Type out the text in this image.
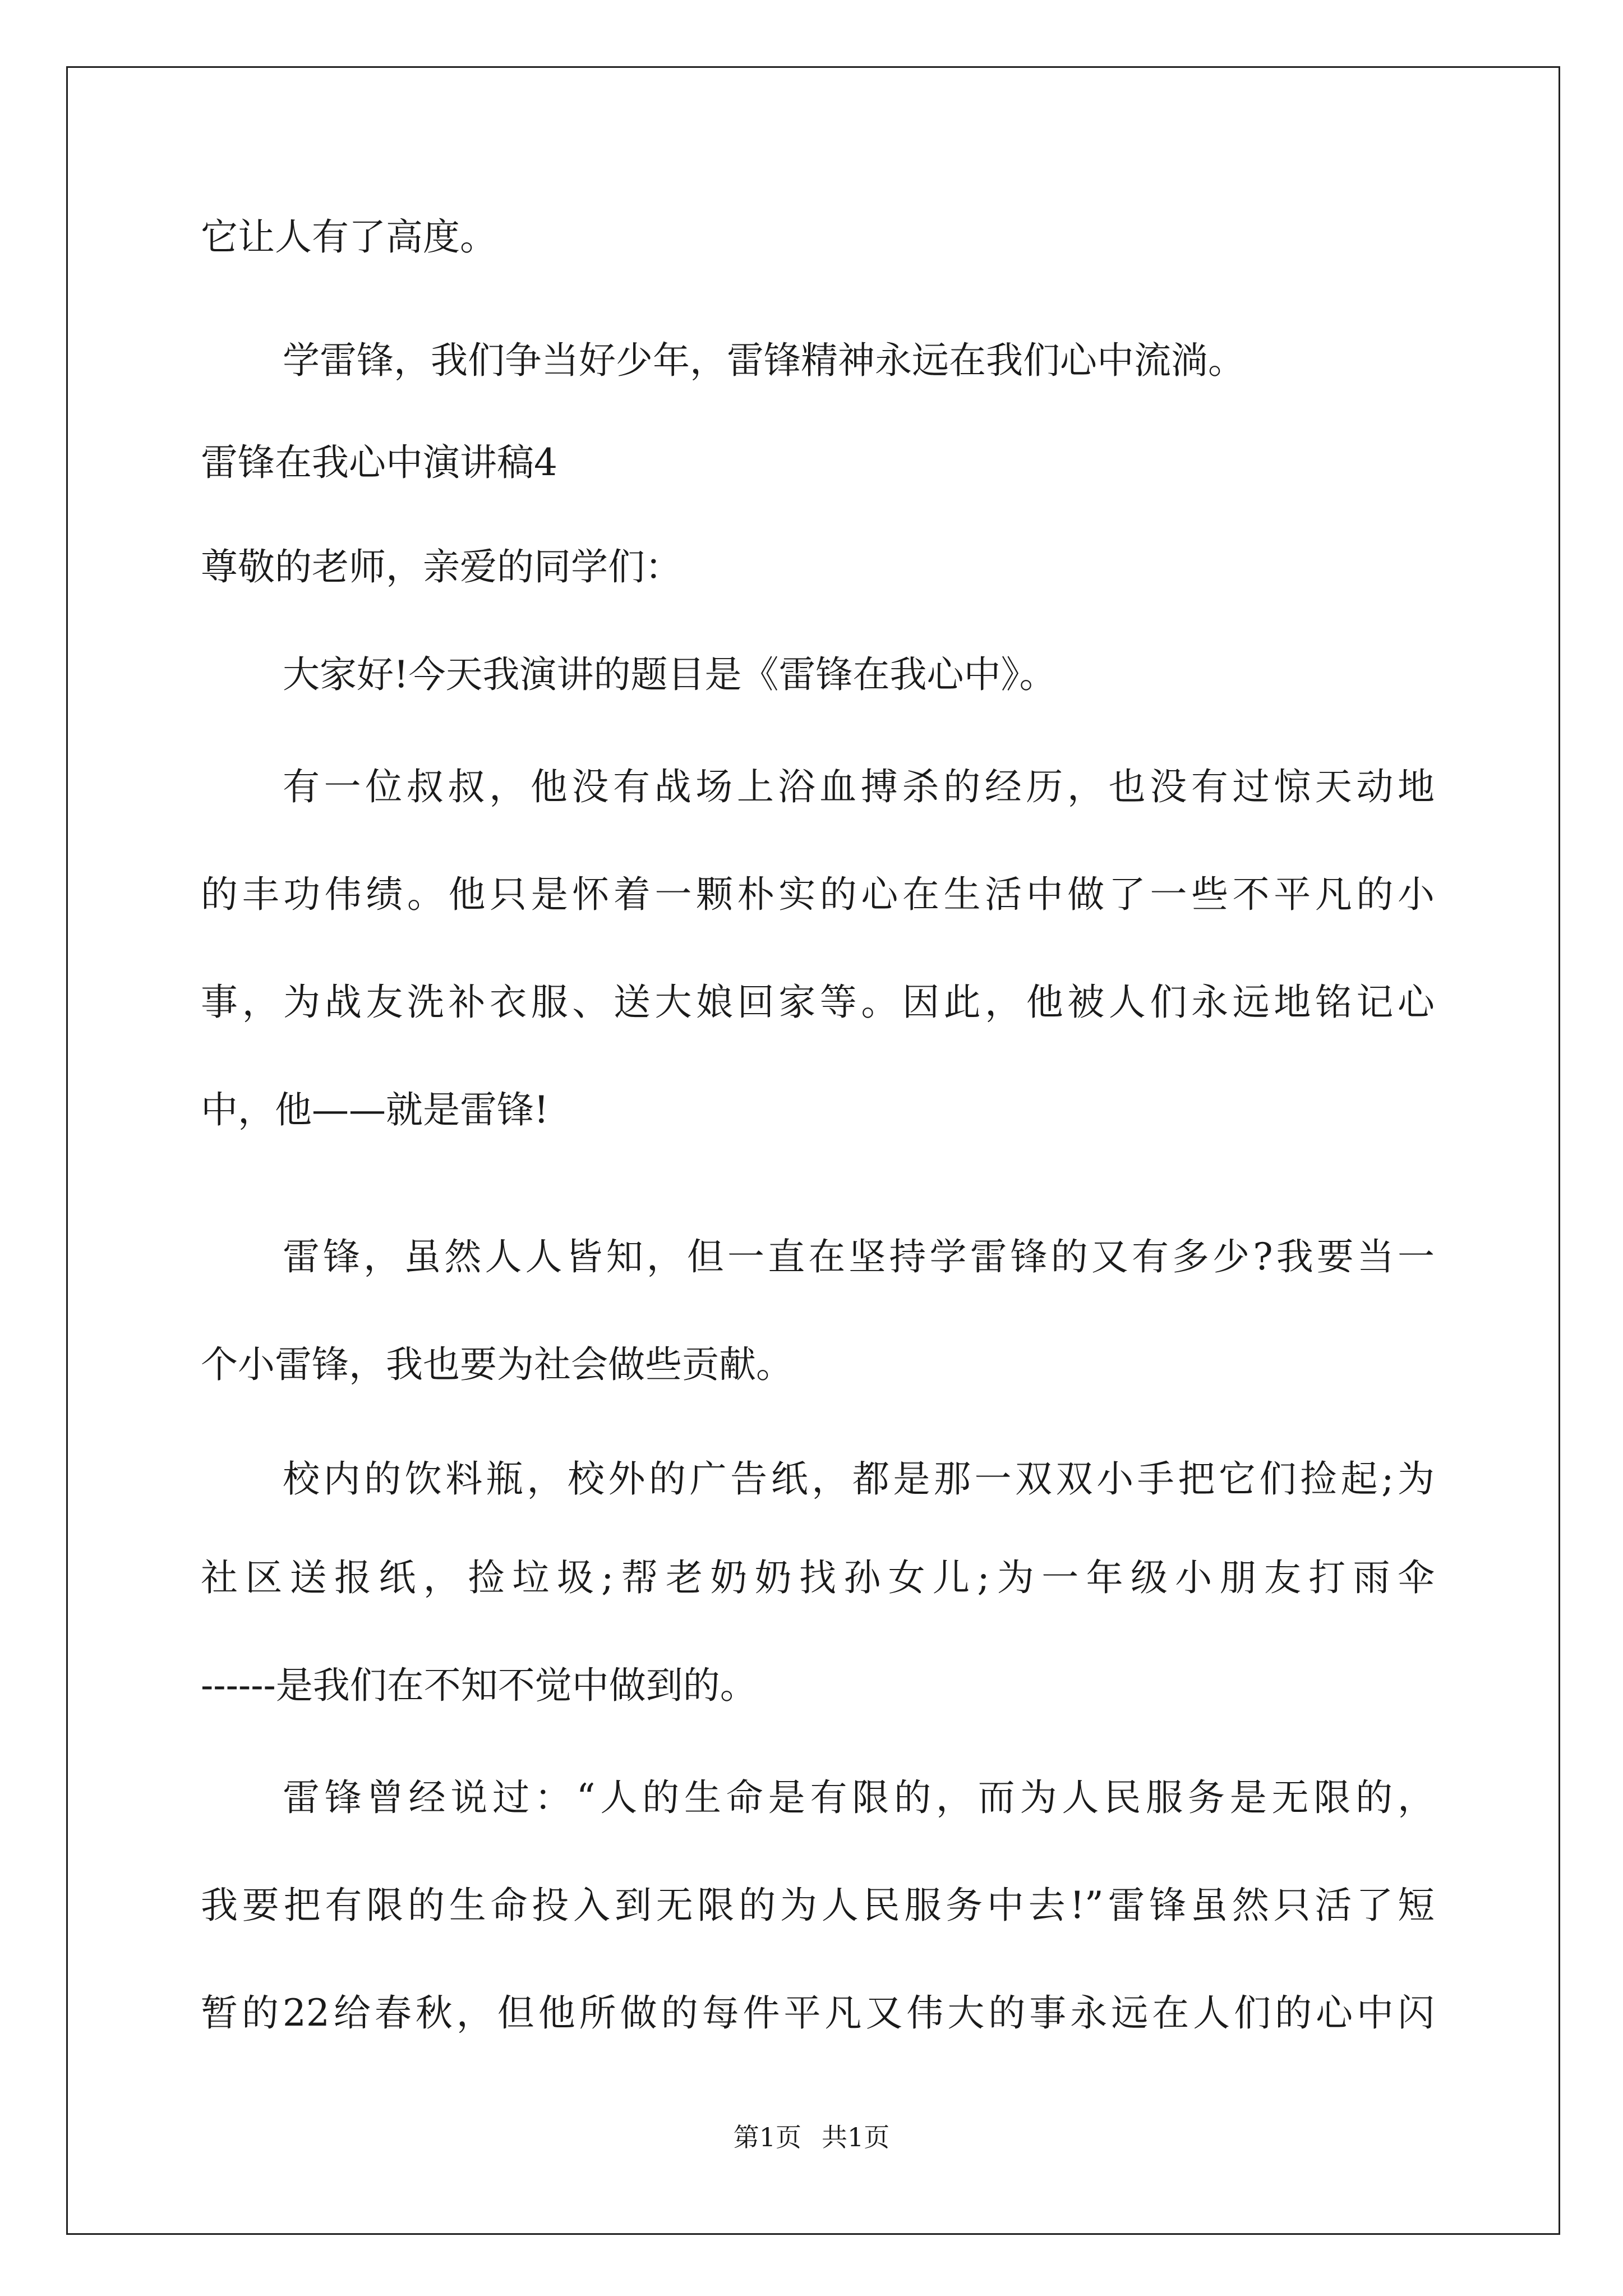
它让人有了高度。
学雷锋，我们争当好少年，雷锋精神永远在我们心中流淌。
雷锋在我心中演讲稿4
尊敬的老师，亲爱的同学们：
大家好!今天我演讲的题目是《雷锋在我心中》。
有一位叔叔，他没有战场上浴血搏杀的经历，也没有过惊天动地
的丰功伟绩。他只是怀着一颗朴实的心在生活中做了一些不平凡的小
事，为战友洗补衣服、送大娘回家等。因此，他被人们永远地铭记心
中，他——就是雷锋!
雷锋，虽然人人皆知，但一直在坚持学雷锋的又有多少?我要当一
个小雷锋，我也要为社会做些贡献。
校内的饮料瓶，校外的广告纸，都是那一双双小手把它们捡起;为
社区送报纸，捡垃圾;帮老奶奶找孙女儿;为一年级小朋友打雨伞
------是我们在不知不觉中做到的。
雷锋曾经说过：“人的生命是有限的，而为人民服务是无限的，
我要把有限的生命投入到无限的为人民服务中去!”雷锋虽然只活了短
暂的22给春秋，但他所做的每件平凡又伟大的事永远在人们的心中闪
第1页 共1页
